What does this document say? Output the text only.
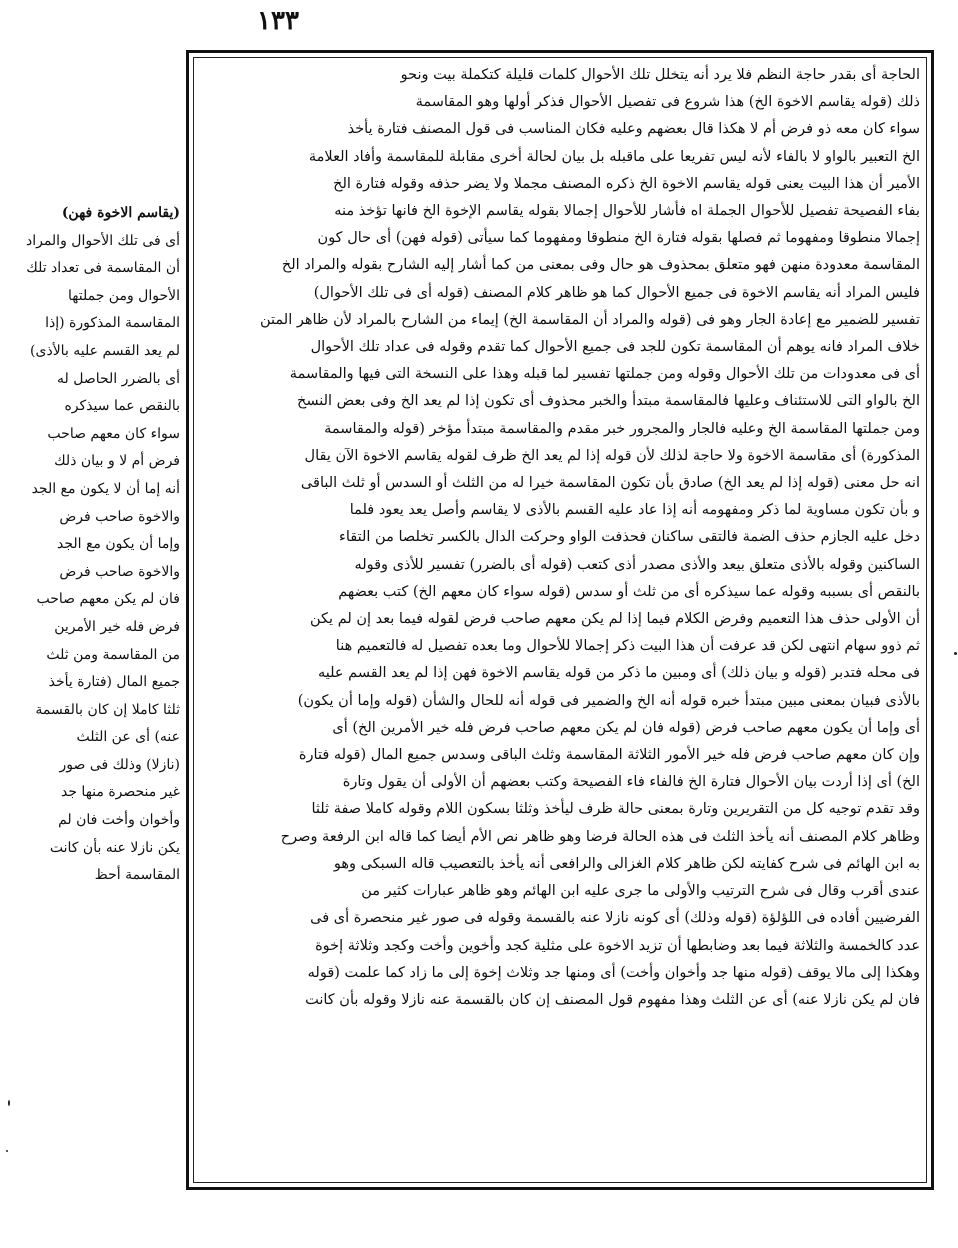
١٣٣

الحاجة أى بقدر حاجة النظم فلا يرد أنه يتخلل تلك الأحوال كلمات قليلة كتكملة بيت ونحو

ذلك (قوله يقاسم الاخوة الخ) هذا شروع فى تفصيل الأحوال فذكر أولها وهو المقاسمة

سواء كان معه ذو فرض أم لا هكذا قال بعضهم وعليه فكان المناسب فى قول المصنف فتارة يأخذ

الخ التعبير بالواو لا بالفاء لأنه ليس تفريعا على ماقبله بل بيان لحالة أخرى مقابلة للمقاسمة وأفاد العلامة

الأمير أن هذا البيت يعنى قوله يقاسم الاخوة الخ ذكره المصنف مجملا ولا يضر حذفه وقوله فتارة الخ

بفاء الفصيحة تفصيل للأحوال الجملة اه فأشار للأحوال إجمالا بقوله يقاسم الإخوة الخ فانها تؤخذ منه

إجمالا منطوقا ومفهوما ثم فصلها بقوله فتارة الخ منطوقا ومفهوما كما سيأتى (قوله فهن) أى حال كون

المقاسمة معدودة منهن فهو متعلق بمحذوف هو حال وفى بمعنى من كما أشار إليه الشارح بقوله والمراد الخ

فليس المراد أنه يقاسم الاخوة فى جميع الأحوال كما هو ظاهر كلام المصنف (قوله أى فى تلك الأحوال)

تفسير للضمير مع إعادة الجار وهو فى (قوله والمراد أن المقاسمة الخ) إيماء من الشارح بالمراد لأن ظاهر المتن

خلاف المراد فانه يوهم أن المقاسمة تكون للجد فى جميع الأحوال كما تقدم وقوله فى عداد تلك الأحوال

أى فى معدودات من تلك الأحوال وقوله ومن جملتها تفسير لما قبله وهذا على النسخة التى فيها والمقاسمة

الخ بالواو التى للاستئناف وعليها فالمقاسمة مبتدأ والخبر محذوف أى تكون إذا لم يعد الخ وفى بعض النسخ

ومن جملتها المقاسمة الخ وعليه فالجار والمجرور خبر مقدم والمقاسمة مبتدأ مؤخر (قوله والمقاسمة

المذكورة) أى مقاسمة الاخوة ولا حاجة لذلك لأن قوله إذا لم يعد الخ ظرف لقوله يقاسم الاخوة الآن يقال

انه حل معنى (قوله إذا لم يعد الخ) صادق بأن تكون المقاسمة خيرا له من الثلث أو السدس أو ثلث الباقى

و بأن تكون مساوية لما ذكر ومفهومه أنه إذا عاد عليه القسم بالأذى لا يقاسم وأصل يعد يعود فلما

دخل عليه الجازم حذف الضمة فالتقى ساكنان فحذفت الواو وحركت الدال بالكسر تخلصا من التقاء

الساكنين وقوله بالأذى متعلق بيعد والأذى مصدر أذى كتعب (قوله أى بالضرر) تفسير للأذى وقوله

بالنقص أى بسببه وقوله عما سيذكره أى من ثلث أو سدس (قوله سواء كان معهم الخ) كتب بعضهم

أن الأولى حذف هذا التعميم وفرض الكلام فيما إذا لم يكن معهم صاحب فرض لقوله فيما بعد إن لم يكن

ثم ذوو سهام انتهى لكن قد عرفت أن هذا البيت ذكر إجمالا للأحوال وما بعده تفصيل له فالتعميم هنا

فى محله فتدبر (قوله و بيان ذلك) أى ومبين ما ذكر من قوله يقاسم الاخوة فهن إذا لم يعد القسم عليه

بالأذى فبيان بمعنى مبين مبتدأ خبره قوله أنه الخ والضمير فى قوله أنه للحال والشأن (قوله وإما أن يكون)

أى وإما أن يكون معهم صاحب فرض (قوله فان لم يكن معهم صاحب فرض فله خير الأمرين الخ) أى

وإن كان معهم صاحب فرض فله خير الأمور الثلاثة المقاسمة وثلث الباقى وسدس جميع المال (قوله فتارة

الخ) أى إذا أردت بيان الأحوال فتارة الخ فالفاء فاء الفصيحة وكتب بعضهم أن الأولى أن يقول وتارة

وقد تقدم توجيه كل من التقريرين وتارة بمعنى حالة ظرف ليأخذ وثلثا بسكون اللام وقوله كاملا صفة ثلثا

وظاهر كلام المصنف أنه يأخذ الثلث فى هذه الحالة فرضا وهو ظاهر نص الأم أيضا كما قاله ابن الرفعة وصرح

به ابن الهائم فى شرح كفايته لكن ظاهر كلام الغزالى والرافعى أنه يأخذ بالتعصيب قاله السبكى وهو

عندى أقرب وقال فى شرح الترتيب والأولى ما جرى عليه ابن الهائم وهو ظاهر عبارات كثير من

الفرضيين أفاده فى اللؤلؤة (قوله وذلك) أى كونه نازلا عنه بالقسمة وقوله فى صور غير منحصرة أى فى

عدد كالخمسة والثلاثة فيما بعد وضابطها أن تزيد الاخوة على مثلية كجد وأخوين وأخت وكجد وثلاثة إخوة

وهكذا إلى مالا يوقف (قوله منها جد وأخوان وأخت) أى ومنها جد وثلاث إخوة إلى ما زاد كما علمت (قوله

فان لم يكن نازلا عنه) أى عن الثلث وهذا مفهوم قول المصنف إن كان بالقسمة عنه نازلا وقوله بأن كانت

(يقاسم الاخوة فهن)

أى فى تلك الأحوال والمراد

أن المقاسمة فى تعداد تلك

الأحوال ومن جملتها

المقاسمة المذكورة (إذا

لم يعد القسم عليه بالأذى)

أى بالضرر الحاصل له

بالنقص عما سيذكره

سواء كان معهم صاحب

فرض أم لا و بيان ذلك

أنه إما أن لا يكون مع الجد

والاخوة صاحب فرض

وإما أن يكون مع الجد

والاخوة صاحب فرض

فان لم يكن معهم صاحب

فرض فله خير الأمرين

من المقاسمة ومن ثلث

جميع المال (فتارة يأخذ

ثلثا كاملا إن كان بالقسمة

عنه) أى عن الثلث

(نازلا) وذلك فى صور

غير منحصرة منها جد

وأخوان وأخت فان لم

يكن نازلا عنه بأن كانت

المقاسمة أحظ
